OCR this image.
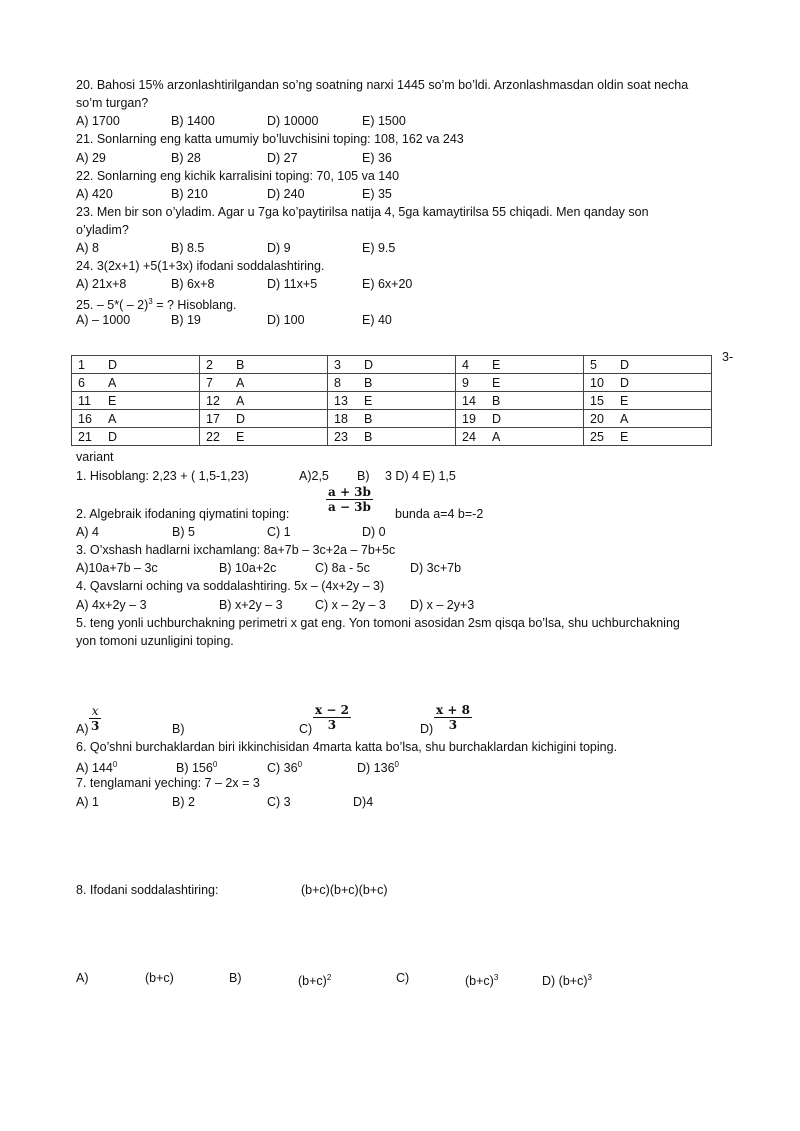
20. Bahosi 15% arzonlashtirilgandan so’ng soatning narxi 1445 so’m bo’ldi. Arzonlashmasdan oldin soat necha
so’m turgan?
A) 1700	B) 1400	D) 10000	E) 1500
21. Sonlarning eng katta umumiy bo’luvchisini toping: 108, 162 va 243
A) 29	B) 28	D) 27	E) 36
22. Sonlarning eng kichik karralisini toping: 70, 105 va 140
A) 420	B) 210	D) 240	E) 35
23. Men bir son o’yladim. Agar u 7ga ko’paytirilsa natija 4, 5ga kamaytirilsa 55 chiqadi. Men qanday son
o’yladim?
A) 8	B) 8.5	D) 9	E) 9.5
24. 3(2x+1) +5(1+3x) ifodani soddalashtiring.
A) 21x+8	B) 6x+8	D) 11x+5	E) 6x+20
25. – 5*( – 2)$^3$ = ? Hisoblang.
A) – 1000	B) 19	D) 100	E) 40
3-
1 D	2 B	3 D	4 E	5 D
6 A	7 A	8 B	9 E	10 D
11 E	12 A	13 E	14 B	15 E
16 A	17 D	18 B	19 D	20 A
21 D	22 E	23 B	24 A	25 E
variant
1. Hisoblang: 2,23 + ( 1,5-1,23)	A)2,5 B) 3 D) 4 E) 1,5
2. Algebraik ifodaning qiymatini toping:	$\frac{a + 3b}{a - 3b}$ bunda a=4 b=-2
A) 4	B) 5	C) 1	D) 0
3. O’xshash hadlarni ixchamlang: 8a+7b – 3c+2a – 7b+5c
A)10a+7b – 3c	B) 10a+2c	C) 8a - 5c	D) 3c+7b
4. Qavslarni oching va soddalashtiring. 5x – (4x+2y – 3)
A) 4x+2y – 3	B) x+2y – 3	C) x – 2y – 3 D) x – 2y+3
5. teng yonli uchburchakning perimetri x gat eng. Yon tomoni asosidan 2sm qisqa bo’lsa, shu uchburchakning
yon tomoni uzunligini toping.
$\frac{x}{3}$	$\frac{x - 2}{3}$	$\frac{x + 8}{3}$
A)	B)	C)	D)
6. Qo’shni burchaklardan biri ikkinchisidan 4marta katta bo’lsa, shu burchaklardan kichigini toping.
A) $144^0$	B) $156^0$	C) $36^0$	D) $136^0$
7. tenglamani yeching: 7 – 2x = 3
A) 1	B) 2	C) 3	D)4
8. Ifodani soddalashtiring:	(b+c)(b+c)(b+c)
A)	(b+c)	B)	$(b+c)^2$	C)	$(b+c)^3$	D) $(b+c)^3$
